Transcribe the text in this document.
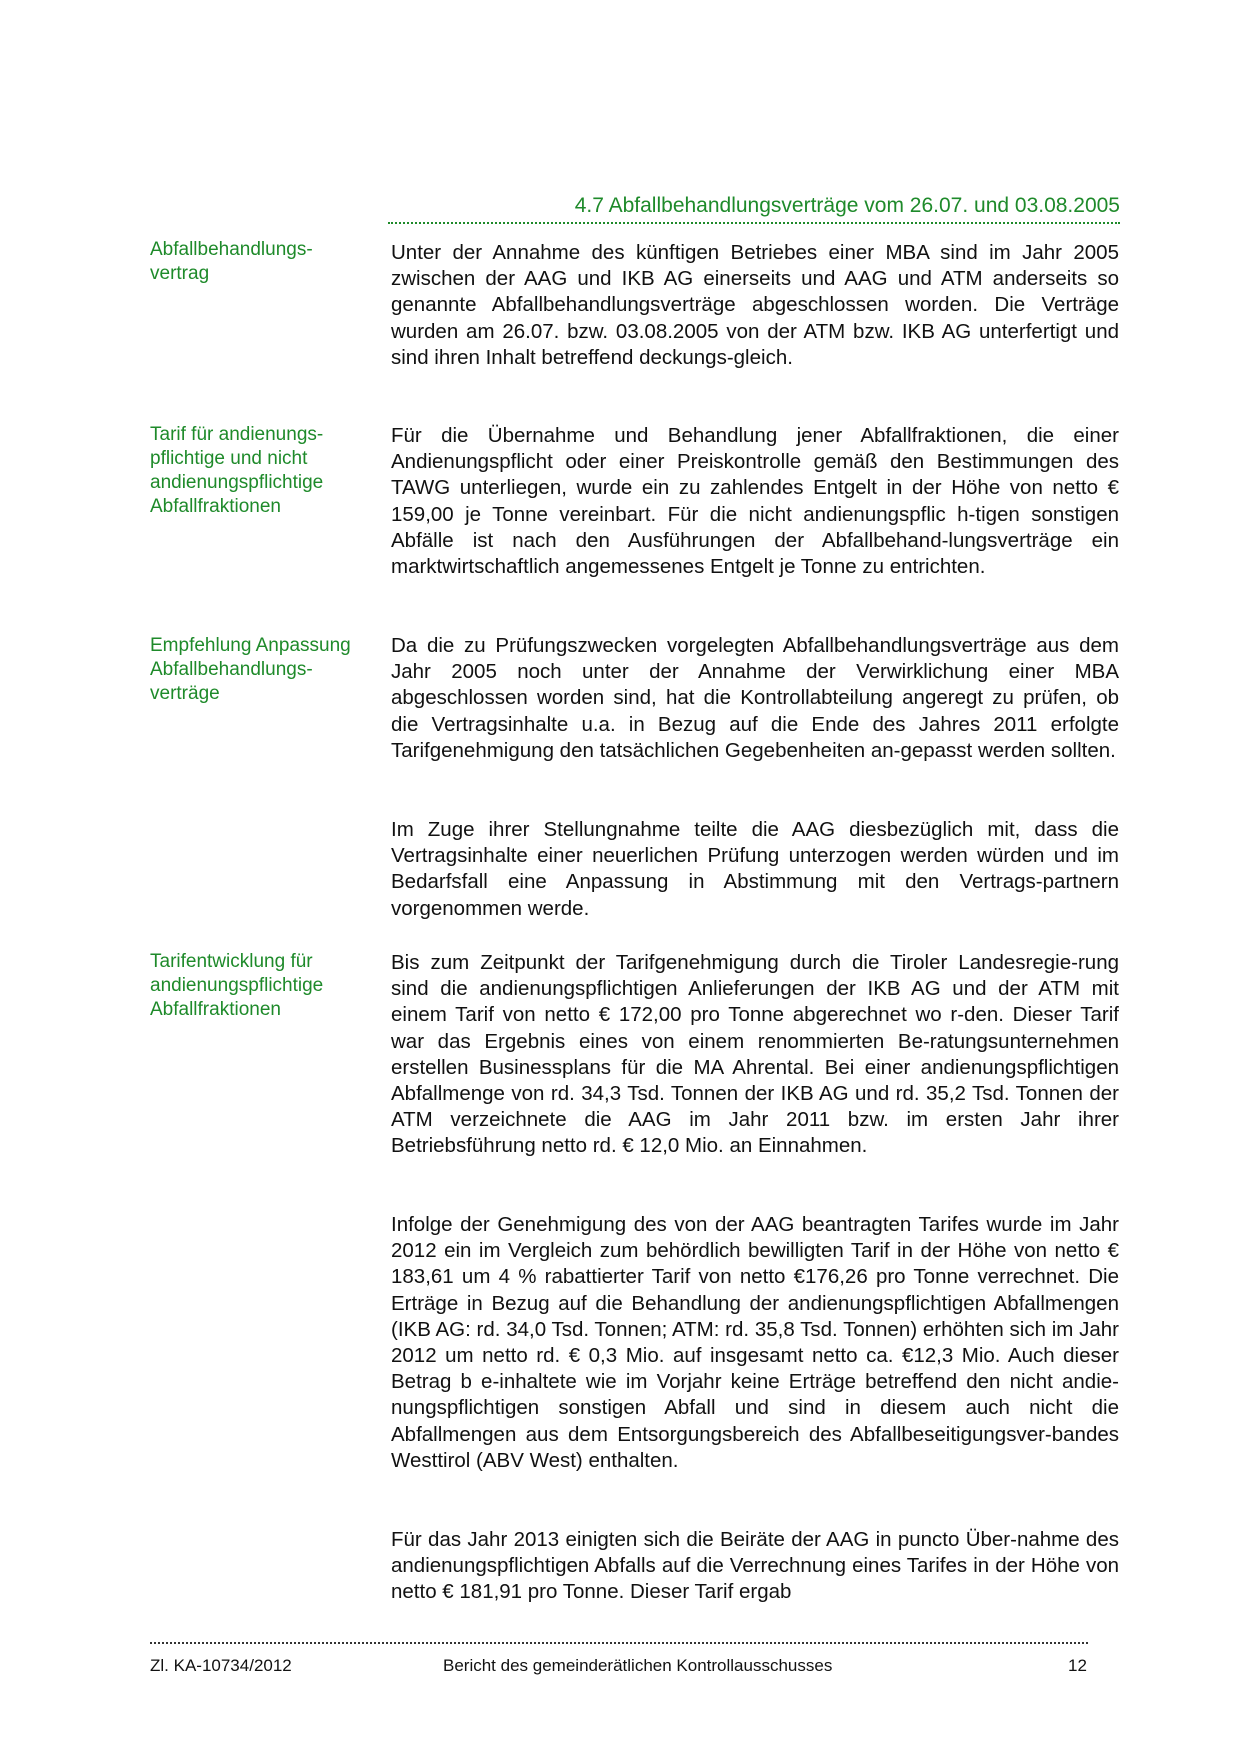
4.7 Abfallbehandlungsverträge vom 26.07. und 03.08.2005
Abfallbehandlungs-
vertrag
Tarif für andienungs-
pflichtige und nicht
andienungspflichtige
Abfallfraktionen
Empfehlung Anpassung
Abfallbehandlungs-
verträge
Tarifentwicklung für
andienungspflichtige
Abfallfraktionen
Unter der Annahme des künftigen Betriebes einer MBA sind im Jahr 2005 zwischen der AAG und IKB AG einerseits und AAG und ATM anderseits so genannte Abfallbehandlungsverträge abgeschlossen worden. Die Verträge wurden am 26.07. bzw. 03.08.2005 von der ATM bzw. IKB AG unterfertigt und sind ihren Inhalt betreffend deckungs-gleich.
Für die Übernahme und Behandlung jener Abfallfraktionen, die einer Andienungspflicht oder einer Preiskontrolle gemäß den Bestimmungen des TAWG unterliegen, wurde ein zu zahlendes Entgelt in der Höhe von netto € 159,00 je Tonne vereinbart. Für die nicht andienungspflic h-tigen sonstigen Abfälle ist nach den Ausführungen der Abfallbehand-lungsverträge ein marktwirtschaftlich angemessenes Entgelt je Tonne zu entrichten.
Da die zu Prüfungszwecken vorgelegten Abfallbehandlungsverträge aus dem Jahr 2005 noch unter der Annahme der Verwirklichung einer MBA abgeschlossen worden sind, hat die Kontrollabteilung angeregt zu prüfen, ob die Vertragsinhalte u.a. in Bezug auf die Ende des Jahres 2011 erfolgte Tarifgenehmigung den tatsächlichen Gegebenheiten an-gepasst werden sollten.
Im Zuge ihrer Stellungnahme teilte die AAG diesbezüglich mit, dass die Vertragsinhalte einer neuerlichen Prüfung unterzogen werden würden und im Bedarfsfall eine Anpassung in Abstimmung mit den Vertrags-partnern vorgenommen werde.
Bis zum Zeitpunkt der Tarifgenehmigung durch die Tiroler Landesregie-rung sind die andienungspflichtigen Anlieferungen der IKB AG und der ATM mit einem Tarif von netto € 172,00 pro Tonne abgerechnet wo r-den. Dieser Tarif war das Ergebnis eines von einem renommierten Be-ratungsunternehmen erstellen Businessplans für die MA Ahrental. Bei einer andienungspflichtigen Abfallmenge von rd. 34,3 Tsd. Tonnen der IKB AG und rd. 35,2 Tsd. Tonnen der ATM verzeichnete die AAG im Jahr 2011 bzw. im ersten Jahr ihrer Betriebsführung netto rd. € 12,0 Mio. an Einnahmen.
Infolge der Genehmigung des von der AAG beantragten Tarifes wurde im Jahr 2012 ein im Vergleich zum behördlich bewilligten Tarif in der Höhe von netto € 183,61 um 4 % rabattierter Tarif von netto €176,26 pro Tonne verrechnet. Die Erträge in Bezug auf die Behandlung der andienungspflichtigen Abfallmengen (IKB AG: rd. 34,0 Tsd. Tonnen; ATM: rd. 35,8 Tsd. Tonnen) erhöhten sich im Jahr 2012 um netto rd. € 0,3 Mio. auf insgesamt netto ca. €12,3 Mio. Auch dieser Betrag b e-inhaltete wie im Vorjahr keine Erträge betreffend den nicht andie-nungspflichtigen sonstigen Abfall und sind in diesem auch nicht die Abfallmengen aus dem Entsorgungsbereich des Abfallbeseitigungsver-bandes Westtirol (ABV West) enthalten.
Für das Jahr 2013 einigten sich die Beiräte der AAG in puncto Über-nahme des andienungspflichtigen Abfalls auf die Verrechnung eines Tarifes in der Höhe von netto € 181,91 pro Tonne. Dieser Tarif ergab
Zl. KA-10734/2012	Bericht des gemeinderätlichen Kontrollausschusses	12
